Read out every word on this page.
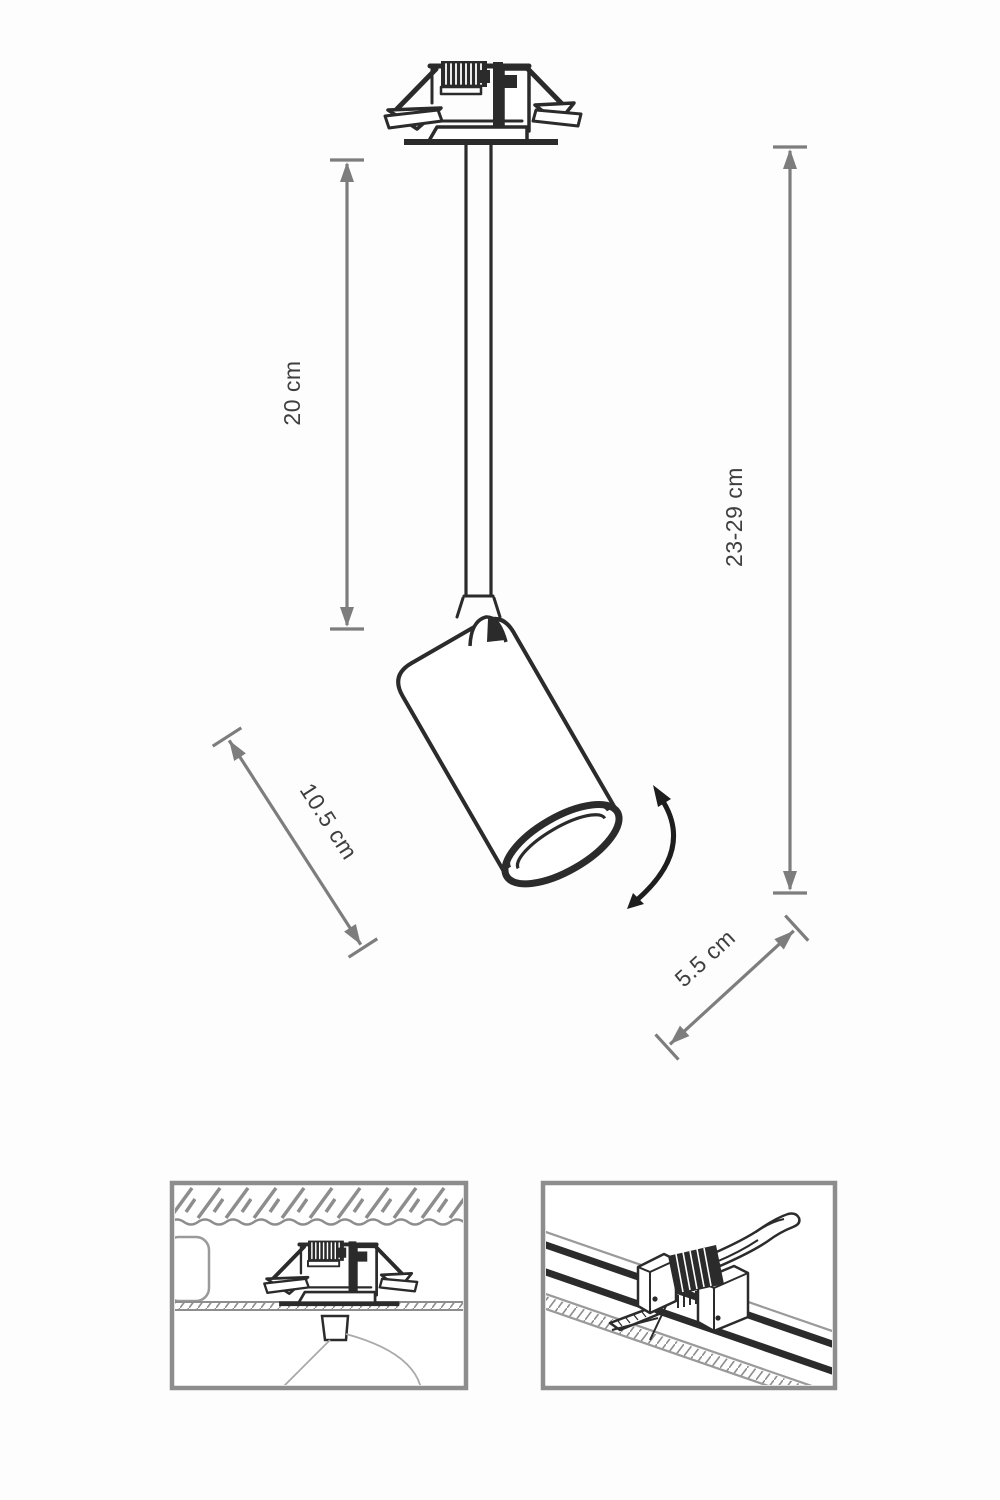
20 cm
23-29 cm
10.5 cm
5.5 cm
